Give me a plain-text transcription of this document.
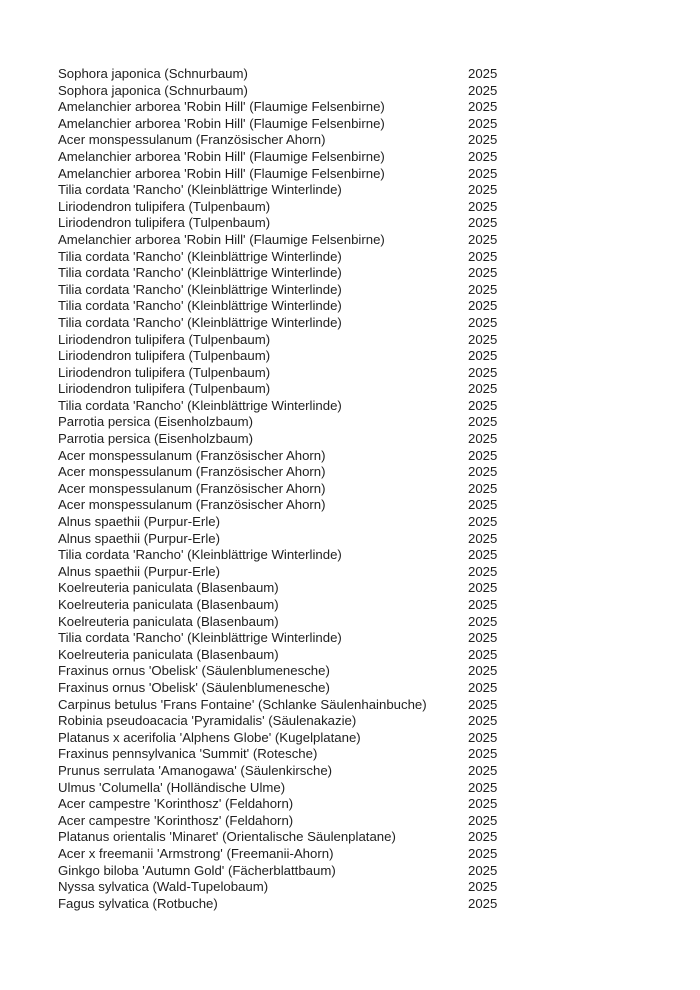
Sophora japonica (Schnurbaum)	2025
Sophora japonica (Schnurbaum)	2025
Amelanchier arborea 'Robin Hill' (Flaumige Felsenbirne)	2025
Amelanchier arborea 'Robin Hill' (Flaumige Felsenbirne)	2025
Acer monspessulanum (Französischer Ahorn)	2025
Amelanchier arborea 'Robin Hill' (Flaumige Felsenbirne)	2025
Amelanchier arborea 'Robin Hill' (Flaumige Felsenbirne)	2025
Tilia cordata 'Rancho' (Kleinblättrige Winterlinde)	2025
Liriodendron tulipifera (Tulpenbaum)	2025
Liriodendron tulipifera (Tulpenbaum)	2025
Amelanchier arborea 'Robin Hill' (Flaumige Felsenbirne)	2025
Tilia cordata 'Rancho' (Kleinblättrige Winterlinde)	2025
Tilia cordata 'Rancho' (Kleinblättrige Winterlinde)	2025
Tilia cordata 'Rancho' (Kleinblättrige Winterlinde)	2025
Tilia cordata 'Rancho' (Kleinblättrige Winterlinde)	2025
Tilia cordata 'Rancho' (Kleinblättrige Winterlinde)	2025
Liriodendron tulipifera (Tulpenbaum)	2025
Liriodendron tulipifera (Tulpenbaum)	2025
Liriodendron tulipifera (Tulpenbaum)	2025
Liriodendron tulipifera (Tulpenbaum)	2025
Tilia cordata 'Rancho' (Kleinblättrige Winterlinde)	2025
Parrotia persica (Eisenholzbaum)	2025
Parrotia persica (Eisenholzbaum)	2025
Acer monspessulanum (Französischer Ahorn)	2025
Acer monspessulanum (Französischer Ahorn)	2025
Acer monspessulanum (Französischer Ahorn)	2025
Acer monspessulanum (Französischer Ahorn)	2025
Alnus spaethii (Purpur-Erle)	2025
Alnus spaethii (Purpur-Erle)	2025
Tilia cordata 'Rancho' (Kleinblättrige Winterlinde)	2025
Alnus spaethii (Purpur-Erle)	2025
Koelreuteria paniculata (Blasenbaum)	2025
Koelreuteria paniculata (Blasenbaum)	2025
Koelreuteria paniculata (Blasenbaum)	2025
Tilia cordata 'Rancho' (Kleinblättrige Winterlinde)	2025
Koelreuteria paniculata (Blasenbaum)	2025
Fraxinus ornus 'Obelisk' (Säulenblumenesche)	2025
Fraxinus ornus 'Obelisk' (Säulenblumenesche)	2025
Carpinus betulus 'Frans Fontaine' (Schlanke Säulenhainbuche)	2025
Robinia pseudoacacia 'Pyramidalis' (Säulenakazie)	2025
Platanus x acerifolia 'Alphens Globe' (Kugelplatane)	2025
Fraxinus pennsylvanica 'Summit' (Rotesche)	2025
Prunus serrulata 'Amanogawa' (Säulenkirsche)	2025
Ulmus 'Columella' (Holländische Ulme)	2025
Acer campestre 'Korinthosz' (Feldahorn)	2025
Acer campestre 'Korinthosz' (Feldahorn)	2025
Platanus orientalis 'Minaret' (Orientalische Säulenplatane)	2025
Acer x freemanii 'Armstrong' (Freemanii-Ahorn)	2025
Ginkgo biloba 'Autumn Gold' (Fächerblattbaum)	2025
Nyssa sylvatica (Wald-Tupelobaum)	2025
Fagus sylvatica (Rotbuche)	2025
